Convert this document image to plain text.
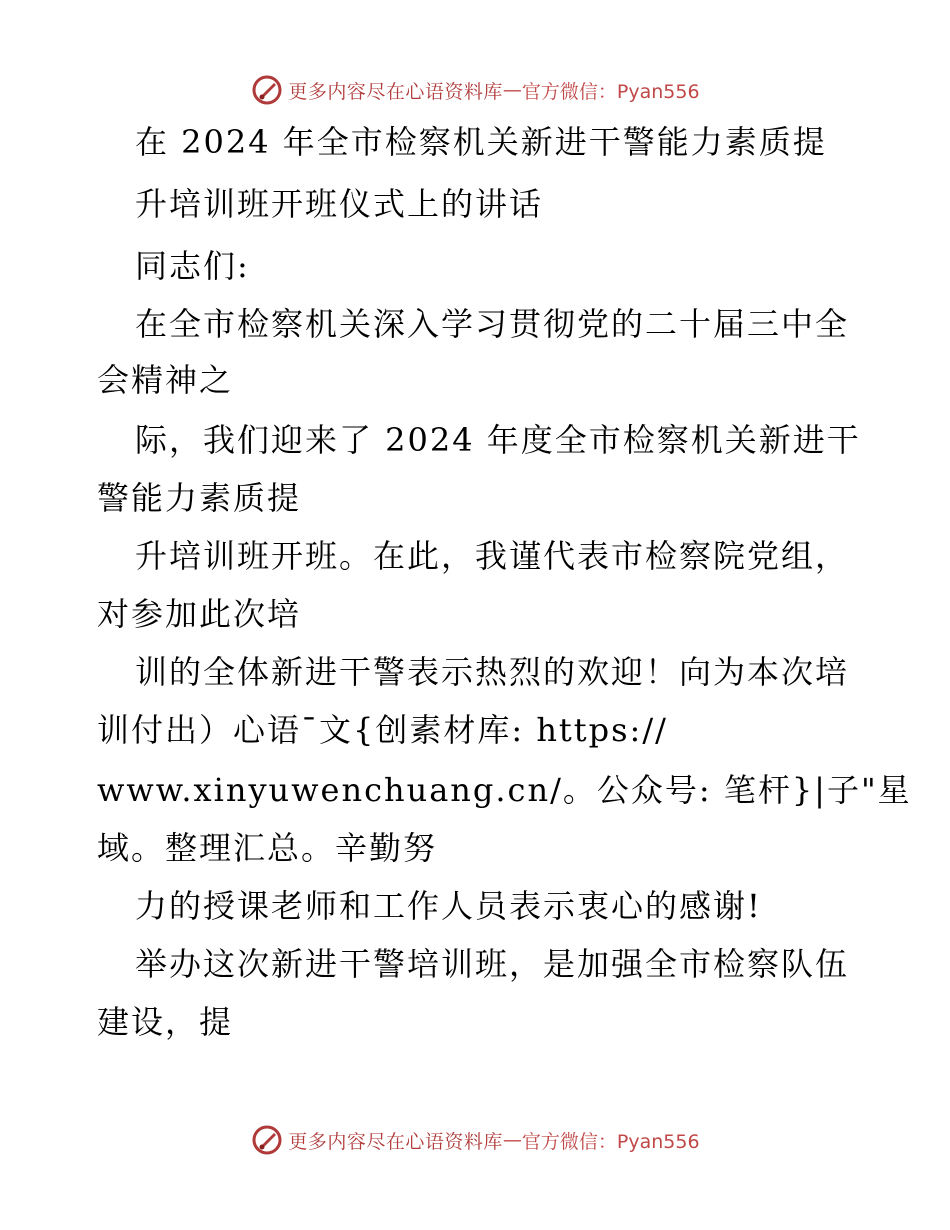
更多内容尽在心语资料库 — 官方微信：Pyan556
在 2024 年全市检察机关新进干警能力素质提
升培训班开班仪式上的讲话
同志们:
在全市检察机关深入学习贯彻党的二十届三中全
会精神之
际，我们迎来了 2024 年度全市检察机关新进干
警能力素质提
升培训班开班。在此，我谨代表市检察院党组，
对参加此次培
训的全体新进干警表示热烈的欢迎！向为本次培
训付出）心语¯文{创素材库: https://
www.xinyuwenchuang.cn/。公众号: 笔杆}|子"星
域。整理汇总。辛勤努
力的授课老师和工作人员表示衷心的感谢!
举办这次新进干警培训班，是加强全市检察队伍
建设，提
更多内容尽在心语资料库 — 官方微信：Pyan556
